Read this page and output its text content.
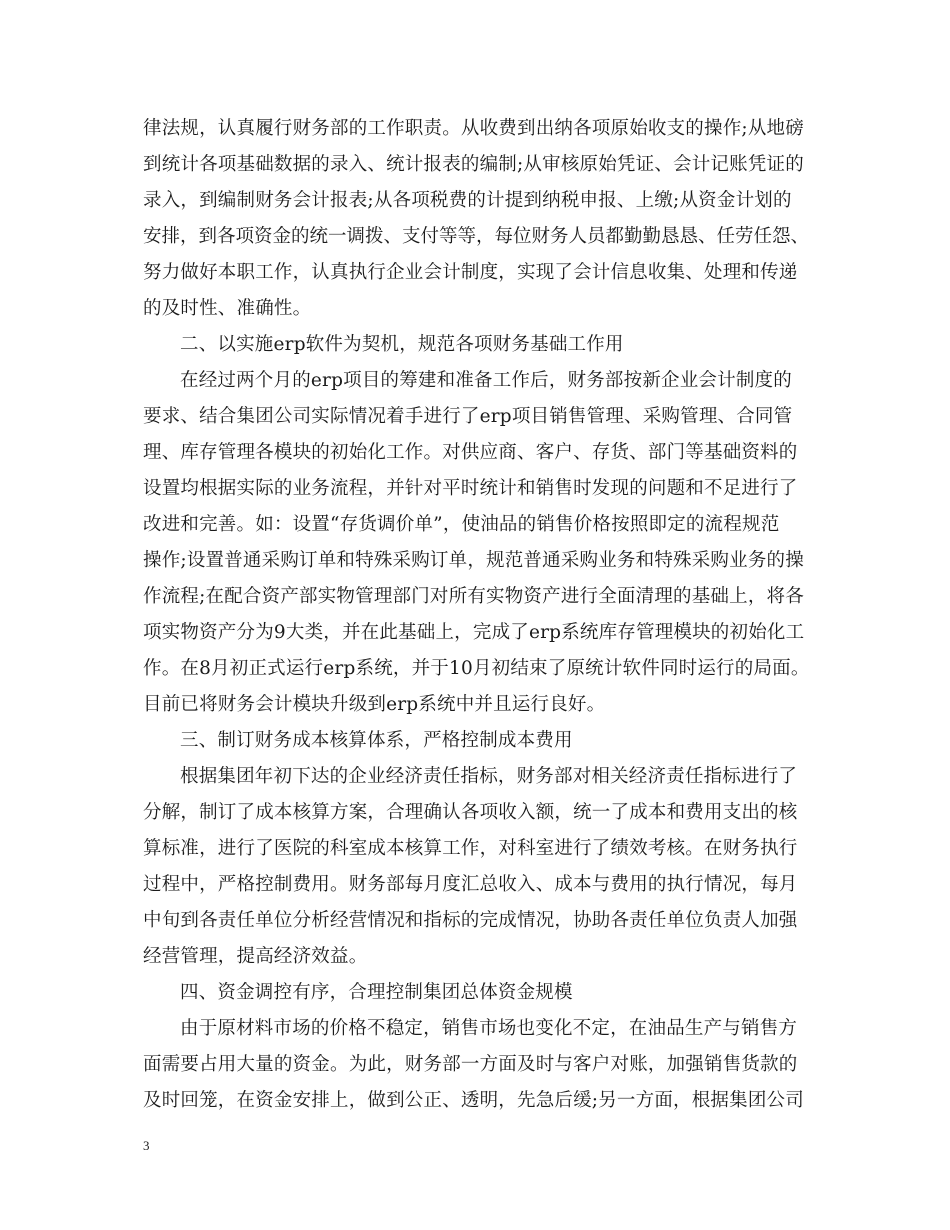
律法规，认真履行财务部的工作职责。从收费到出纳各项原始收支的操作;从地磅
到统计各项基础数据的录入、统计报表的编制;从审核原始凭证、会计记账凭证的
录入，到编制财务会计报表;从各项税费的计提到纳税申报、上缴;从资金计划的
安排，到各项资金的统一调拨、支付等等，每位财务人员都勤勤恳恳、任劳任怨、
努力做好本职工作，认真执行企业会计制度，实现了会计信息收集、处理和传递
的及时性、准确性。
二、以实施erp软件为契机，规范各项财务基础工作用
在经过两个月的erp项目的筹建和准备工作后，财务部按新企业会计制度的
要求、结合集团公司实际情况着手进行了erp项目销售管理、采购管理、合同管
理、库存管理各模块的初始化工作。对供应商、客户、存货、部门等基础资料的
设置均根据实际的业务流程，并针对平时统计和销售时发现的问题和不足进行了
改进和完善。如：设置“存货调价单”，使油品的销售价格按照即定的流程规范
操作;设置普通采购订单和特殊采购订单，规范普通采购业务和特殊采购业务的操
作流程;在配合资产部实物管理部门对所有实物资产进行全面清理的基础上，将各
项实物资产分为9大类，并在此基础上，完成了erp系统库存管理模块的初始化工
作。在8月初正式运行erp系统，并于10月初结束了原统计软件同时运行的局面。
目前已将财务会计模块升级到erp系统中并且运行良好。
三、制订财务成本核算体系，严格控制成本费用
根据集团年初下达的企业经济责任指标，财务部对相关经济责任指标进行了
分解，制订了成本核算方案，合理确认各项收入额，统一了成本和费用支出的核
算标准，进行了医院的科室成本核算工作，对科室进行了绩效考核。在财务执行
过程中，严格控制费用。财务部每月度汇总收入、成本与费用的执行情况，每月
中旬到各责任单位分析经营情况和指标的完成情况，协助各责任单位负责人加强
经营管理，提高经济效益。
四、资金调控有序，合理控制集团总体资金规模
由于原材料市场的价格不稳定，销售市场也变化不定，在油品生产与销售方
面需要占用大量的资金。为此，财务部一方面及时与客户对账，加强销售货款的
及时回笼，在资金安排上，做到公正、透明，先急后缓;另一方面，根据集团公司
3
